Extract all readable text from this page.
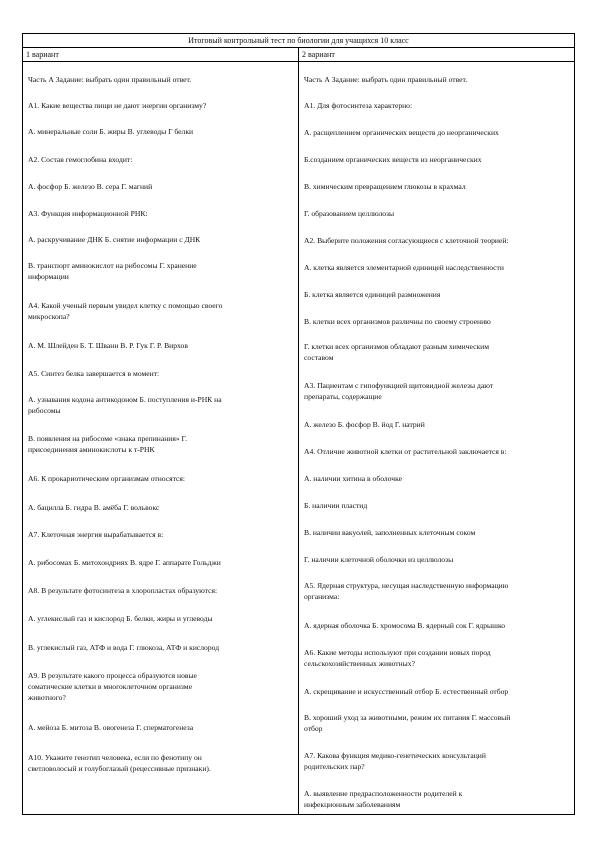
Итоговый контрольный тест по биологии для учащихся 10 класс
1 вариант	2 вариант
Часть А Задание: выбрать один правильный ответ.
А1. Какие вещества пищи не дают энергии организму?
А. минеральные соли Б. жиры В. углеводы Г белки
А2. Состав гемоглобина входит:
А. фосфор Б. железо В. сера Г. магний
А3. Функция информационной РНК:
А. раскручивание ДНК Б. снятие информации с ДНК
В. транспорт аминокислот на рибосомы Г. хранение
информации
А4. Какой ученый первым увидел клетку с помощью своего
микроскопа?
А. М. Шлейден Б. Т. Шванн В. Р. Гук Г. Р. Вирхов
А5. Синтез белка завершается в момент:
А. узнавания кодона антикодоном Б. поступления и-РНК на
рибосомы
В. появления на рибосоме «знака препинания» Г.
присоединения аминокислоты к т-РНК
А6. К прокариотическим организмам относятся:
А. бацилла Б. гидра В. амёба Г. вольвокс
А7. Клеточная энергия вырабатывается в:
А. рибосомах Б. митохондриях В. ядре Г. аппарате Гольджи
А8. В результате фотосинтеза в хлоропластах образуются:
А. углекислый газ и кислород Б. белки, жиры и углеводы
В. углекислый газ, АТФ и вода Г. глюкоза, АТФ и кислород
А9. В результате какого процесса образуются новые
соматические клетки в многоклеточном организме
животного?
А. мейоза Б. митоза В. овогенеза Г. сперматогенеза
А10. Укажите генотип человека, если по фенотипу он
светловолосый и голубоглазый (рецессивные признаки).
Часть А Задание: выбрать один правильный ответ.
А1. Для фотосинтеза характерно:
А. расщеплением органических веществ до неорганических
Б.созданием органических веществ из неорганических
В. химическим превращением глюкозы в крахмал
Г. образованием целлюлозы
А2. Выберите положения согласующиеся с клеточной теорией:
А. клетка является элементарной единицей наследственности
Б. клетка является единицей размножения
В. клетки всех организмов различны по своему строению
Г. клетки всех организмов обладают разным химическим
составом
А3. Пациентам с гипофункцией щитовидной железы дают
препараты, содержащие
А. железо Б. фосфор В. йод Г. натрий
А4. Отличие животной клетки от растительной заключается в:
А. наличии хитина в оболочке
Б. наличии пластид
В. наличии вакуолей, заполненных клеточным соком
Г. наличии клеточной оболочки из целлюлозы
А5. Ядерная структура, несущая наследственную информацию
организма:
А. ядерная оболочка Б. хромосома В. ядерный сок Г. ядрышко
А6. Какие методы используют при создании новых пород
сельскохозяйственных животных?
А. скрещивание и искусственный отбор Б. естественный отбор
В. хороший уход за животными, режим их питания Г. массовый
отбор
А7. Какова функция медико-генетических консультаций
родительских пар?
А. выявление предрасположенности родителей к
инфекционным заболеваниям
